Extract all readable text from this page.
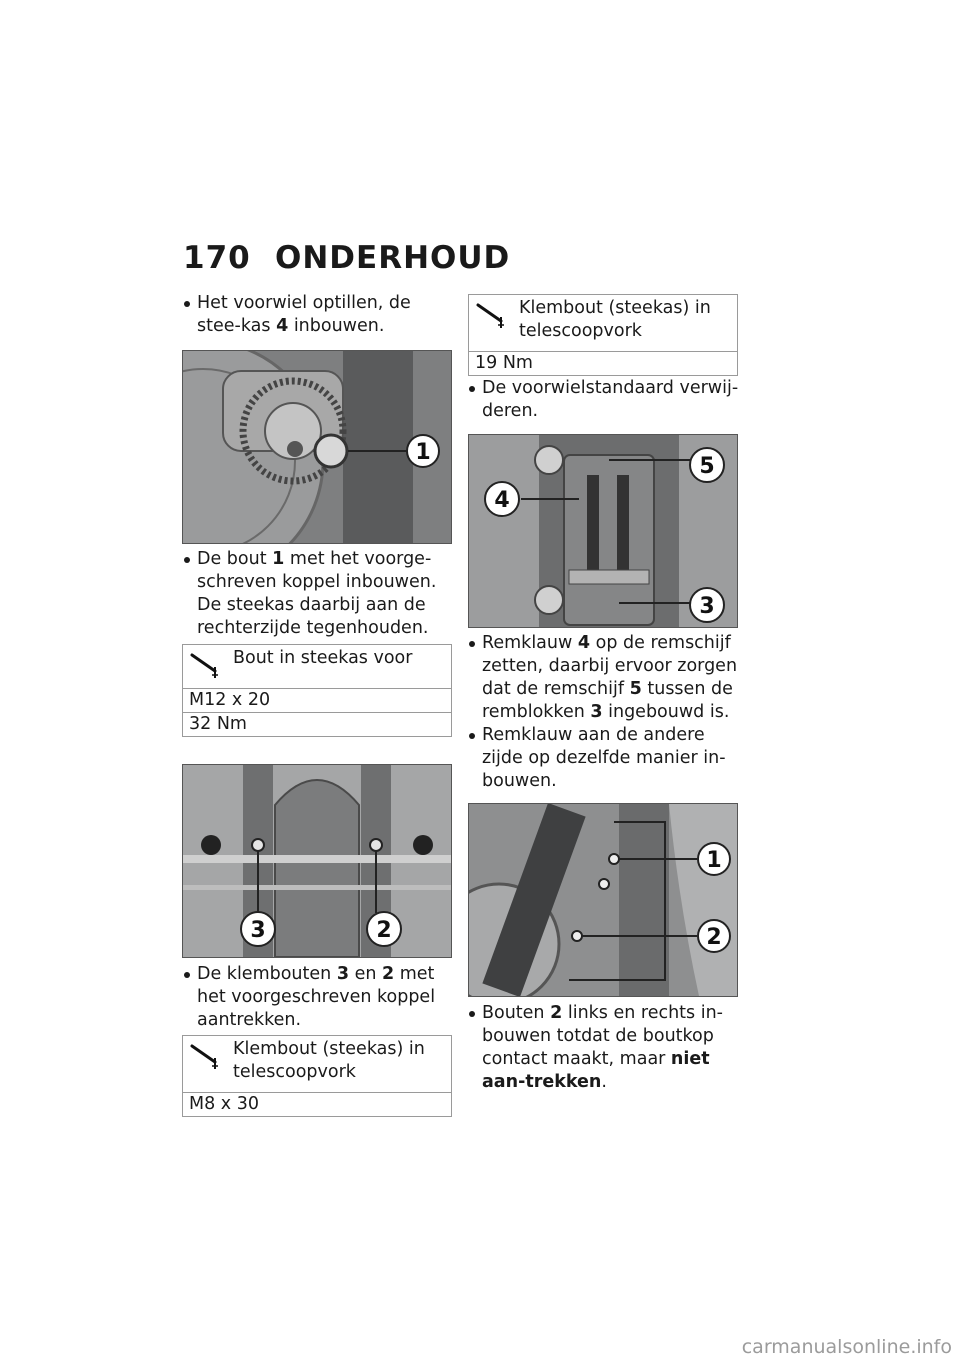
170 ONDERHOUD

Het voorwiel optillen, de stee-kas 4 inbouwen.

1

De bout 1 met het voorge-schreven koppel inbouwen. De steekas daarbij aan de rechterzijde tegenhouden.

Bout in steekas voor
M12 x 20
32 Nm
3	2

De klembouten 3 en 2 met het voorgeschreven koppel aantrekken.

Klembout (steekas) in telescoopvork
M8 x 30
Klembout (steekas) in telescoopvork
19 Nm

De voorwielstandaard verwij-deren.

5
4
3

Remklauw 4 op de remschijf zetten, daarbij ervoor zorgen dat de remschijf 5 tussen de remblokken 3 ingebouwd is.

Remklauw aan de andere zijde op dezelfde manier in-bouwen.

1
2

Bouten 2 links en rechts in-bouwen totdat de boutkop contact maakt, maar niet aan-trekken.

carmanualsonline.info
